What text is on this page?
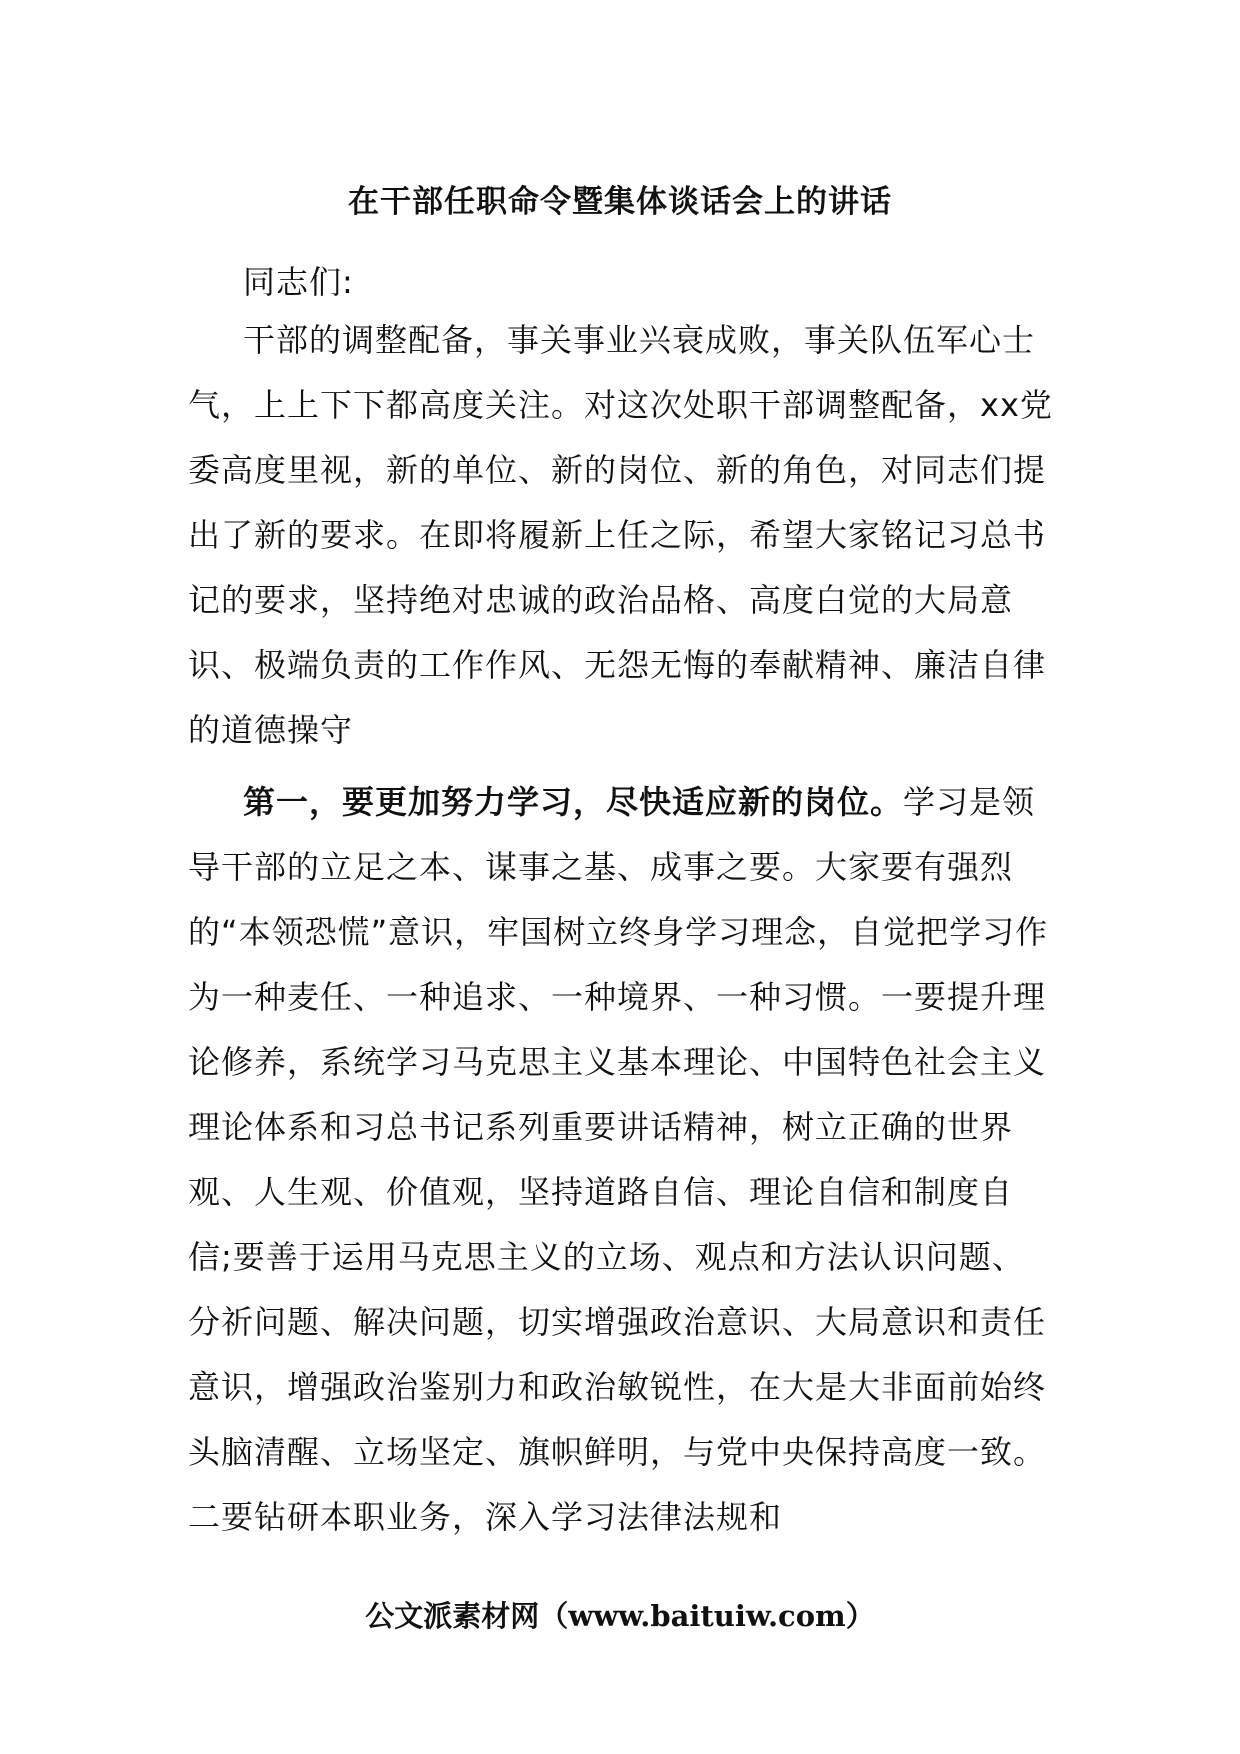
在干部任职命令暨集体谈话会上的讲话
同志们:

干部的调整配备，事关事业兴衰成败，事关队伍军心士气，上上下下都高度关注。对这次处职干部调整配备，xx党委高度里视，新的单位、新的岗位、新的角色，对同志们提出了新的要求。在即将履新上任之际，希望大家铭记习总书记的要求，坚持绝对忠诚的政治品格、高度白觉的大局意识、极端负责的工作作风、无怨无悔的奉献精神、廉洁自律的道德操守

第一，要更加努力学习，尽快适应新的岗位。学习是领导干部的立足之本、谋事之基、成事之要。大家要有强烈的“本领恐慌”意识，牢国树立终身学习理念，自觉把学习作为一种麦任、一种追求、一种境界、一种习惯。一要提升理论修养，系统学习马克思主义基本理论、中国特色社会主义理论体系和习总书记系列重要讲话精神，树立正确的世界观、人生观、价值观，坚持道路自信、理论自信和制度自信;要善于运用马克思主义的立场、观点和方法认识问题、分祈问题、解决问题，切实增强政治意识、大局意识和责任意识，增强政治鉴别力和政治敏锐性，在大是大非面前始终头脑清醒、立场坚定、旗帜鲜明，与党中央保持高度一致。二要钻研本职业务，深入学习法律法规和

公文派素材网（www.baituiw.com）
